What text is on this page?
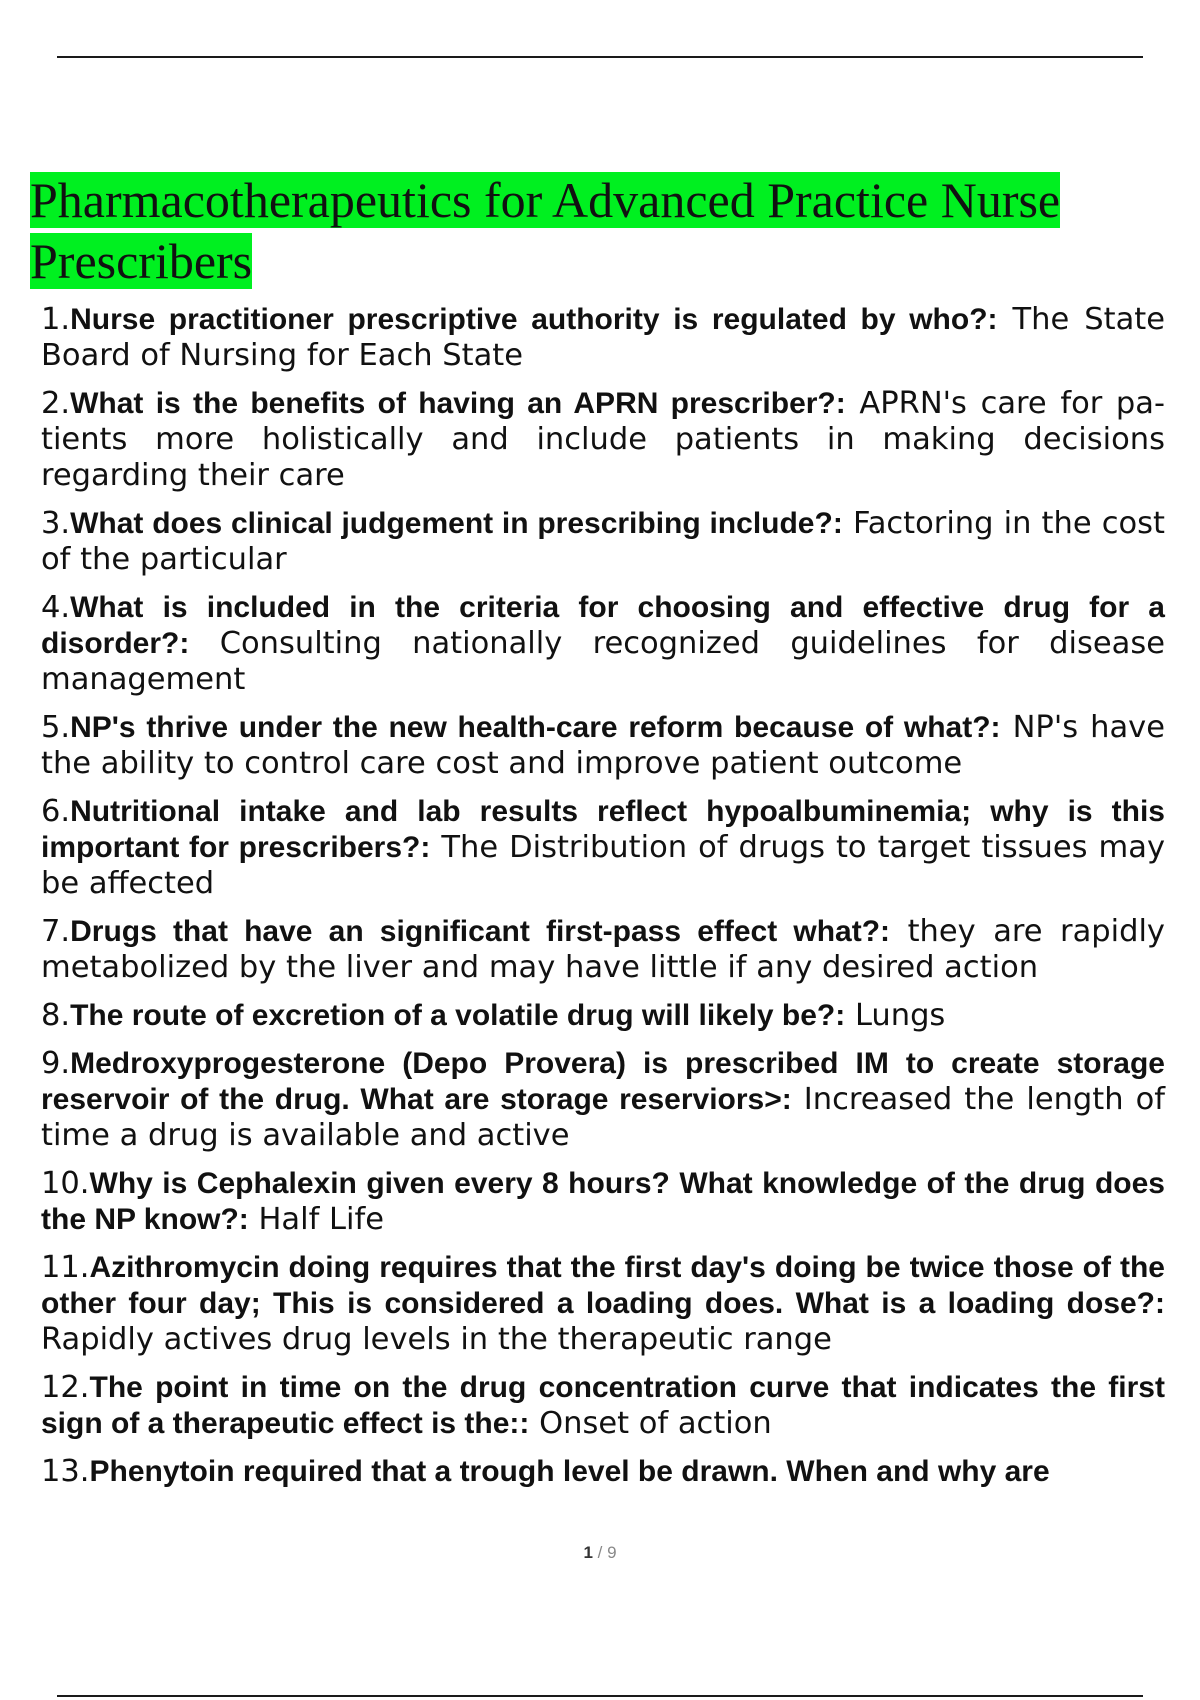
Pharmacotherapeutics for Advanced Practice Nurse Prescribers
1.Nurse practitioner prescriptive authority is regulated by who?: The State Board of Nursing for Each State
2.What is the benefits of having an APRN prescriber?: APRN's care for pa- tients more holistically and include patients in making decisions regarding their care
3.What does clinical judgement in prescribing include?: Factoring in the cost of the particular
4.What is included in the criteria for choosing and effective drug for a disorder?: Consulting nationally recognized guidelines for disease management
5.NP's thrive under the new health-care reform because of what?: NP's have the ability to control care cost and improve patient outcome
6.Nutritional intake and lab results reflect hypoalbuminemia; why is this important for prescribers?: The Distribution of drugs to target tissues may be affected
7.Drugs that have an significant first-pass effect what?: they are rapidly metabolized by the liver and may have little if any desired action
8.The route of excretion of a volatile drug will likely be?: Lungs
9.Medroxyprogesterone (Depo Provera) is prescribed IM to create storage reservoir of the drug. What are storage reserviors>: Increased the length of time a drug is available and active
10.Why is Cephalexin given every 8 hours? What knowledge of the drug does the NP know?: Half Life
11.Azithromycin doing requires that the first day's doing be twice those of the other four day; This is considered a loading does. What is a loading dose?: Rapidly actives drug levels in the therapeutic range
12.The point in time on the drug concentration curve that indicates the first sign of a therapeutic effect is the:: Onset of action
13.Phenytoin required that a trough level be drawn. When and why are
1 / 9
